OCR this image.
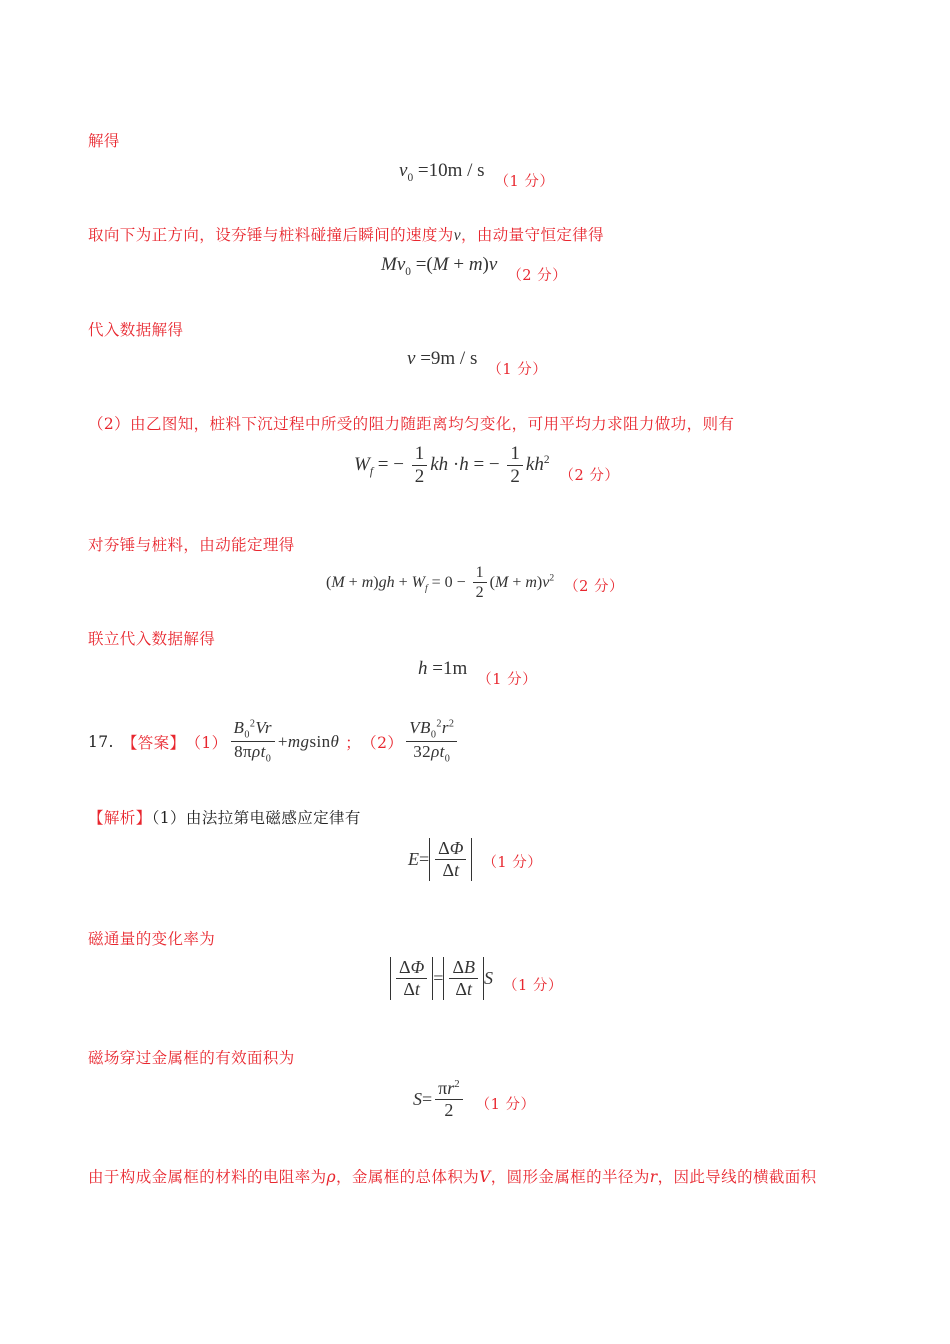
解得
$v_0 =10m / s_{(1 分)}$
取向下为正方向，设夯锤与桩料碰撞后瞬间的速度为v，由动量守恒定律得
$Mv_0 =(M + m)v_{(2 分)}$
代入数据解得
$v =9m / s_{(1 分)}$
（2）由乙图知，桩料下沉过程中所受的阻力随距离均匀变化，可用平均力求阻力做功，则有
$W_f$ = − $\frac{1}{2}$ kh ·h = − $\frac{1}{2} kh^2_{(2 分)}$
对夯锤与桩料，由动能定理得
$(M + m)gh + W_f = 0 - \frac{1}{2} (M + m)v^2(2$ 分）
联立代入数据解得
$h =1m_{(1 分)}$
17. 【答案】 $(1) \frac{B_0^2Vr}{8\pi\rho t_0}$ + mg sin θ ； $(2) \frac{VB_0^2r^2}{32\rho t_0}$
【解析】（1）由法拉第电磁感应定律有
$E = \frac{\Delta\Phi}{\Delta t} (1$ 分）
磁通量的变化率为
$\frac{\Delta\Phi}{\Delta t} = \frac{\Delta B}{\Delta t}$ S （1 分）
磁场穿过金属框的有效面积为
$S = \frac{\pi r^2}{2} (1$ 分）
由于构成金属框的材料的电阻率为ρ，金属框的总体积为V，圆形金属框的半径为r，因此导线的横截面积
